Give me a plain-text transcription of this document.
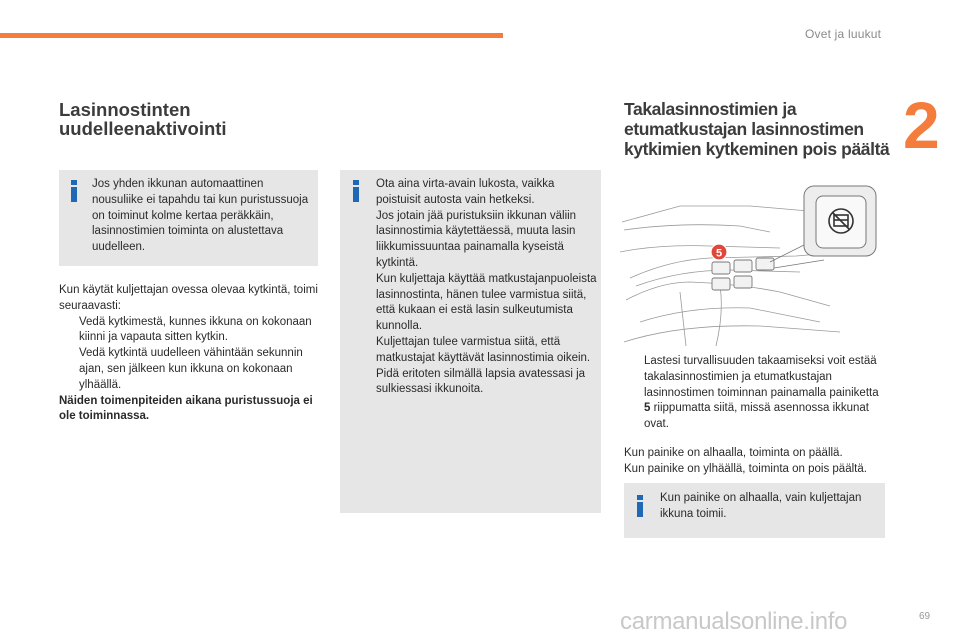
Ovet ja luukut
2
Lasinnostinten
uudelleenaktivointi
Jos yhden ikkunan automaattinen nousuliike ei tapahdu tai kun puristussuoja on toiminut kolme kertaa peräkkäin, lasinnostimien toiminta on alustettava uudelleen.
Kun käytät kuljettajan ovessa olevaa kytkintä, toimi seuraavasti:
Vedä kytkimestä, kunnes ikkuna on kokonaan kiinni ja vapauta sitten kytkin.
Vedä kytkintä uudelleen vähintään sekunnin ajan, sen jälkeen kun ikkuna on kokonaan ylhäällä.
Näiden toimenpiteiden aikana puristussuoja ei ole toiminnassa.
Ota aina virta-avain lukosta, vaikka poistuisit autosta vain hetkeksi.
Jos jotain jää puristuksiin ikkunan väliin lasinnostimia käytettäessä, muuta lasin liikkumissuuntaa painamalla kyseistä kytkintä.
Kun kuljettaja käyttää matkustajanpuoleista lasinnostinta, hänen tulee varmistua siitä, että kukaan ei estä lasin sulkeutumista kunnolla.
Kuljettajan tulee varmistua siitä, että matkustajat käyttävät lasinnostimia oikein.
Pidä eritoten silmällä lapsia avatessasi ja sulkiessasi ikkunoita.
Takalasinnostimien ja
etumatkustajan lasinnostimen
kytkimien kytkeminen pois päältä
5
Lastesi turvallisuuden takaamiseksi voit estää takalasinnostimien ja etumatkustajan lasinnostimen toiminnan painamalla painiketta 5 riippumatta siitä, missä asennossa ikkunat ovat.
Kun painike on alhaalla, toiminta on päällä.
Kun painike on ylhäällä, toiminta on pois päältä.
Kun painike on alhaalla, vain kuljettajan ikkuna toimii.
carmanualsonline.info	69
